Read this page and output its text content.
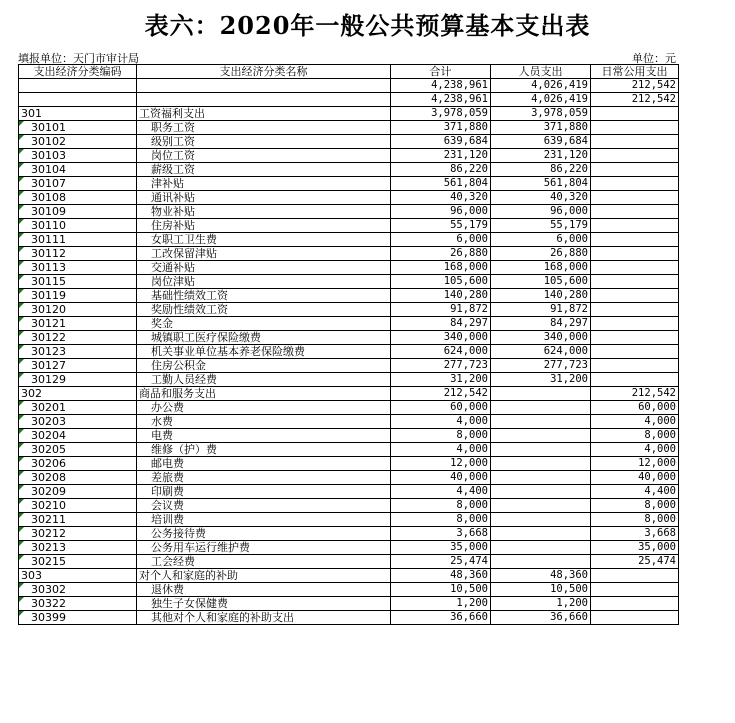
表六：2020年一般公共预算基本支出表
填报单位：天门市审计局	单位：元
支出经济分类编码	支出经济分类名称	合计	人员支出	日常公用支出
		4,238,961	4,026,419	212,542
		4,238,961	4,026,419	212,542
301	工资福利支出	3,978,059	3,978,059	
30101	职务工资	371,880	371,880	
30102	级别工资	639,684	639,684	
30103	岗位工资	231,120	231,120	
30104	薪级工资	86,220	86,220	
30107	津补贴	561,804	561,804	
30108	通讯补贴	40,320	40,320	
30109	物业补贴	96,000	96,000	
30110	住房补贴	55,179	55,179	
30111	女职工卫生费	6,000	6,000	
30112	工改保留津贴	26,880	26,880	
30113	交通补贴	168,000	168,000	
30115	岗位津贴	105,600	105,600	
30119	基础性绩效工资	140,280	140,280	
30120	奖励性绩效工资	91,872	91,872	
30121	奖金	84,297	84,297	
30122	城镇职工医疗保险缴费	340,000	340,000	
30123	机关事业单位基本养老保险缴费	624,000	624,000	
30127	住房公积金	277,723	277,723	
30129	工勤人员经费	31,200	31,200	
302	商品和服务支出	212,542		212,542
30201	办公费	60,000		60,000
30203	水费	4,000		4,000
30204	电费	8,000		8,000
30205	维修（护）费	4,000		4,000
30206	邮电费	12,000		12,000
30208	差旅费	40,000		40,000
30209	印刷费	4,400		4,400
30210	会议费	8,000		8,000
30211	培训费	8,000		8,000
30212	公务接待费	3,668		3,668
30213	公务用车运行维护费	35,000		35,000
30215	工会经费	25,474		25,474
303	对个人和家庭的补助	48,360	48,360	
30302	退休费	10,500	10,500	
30322	独生子女保健费	1,200	1,200	
30399	其他对个人和家庭的补助支出	36,660	36,660	
